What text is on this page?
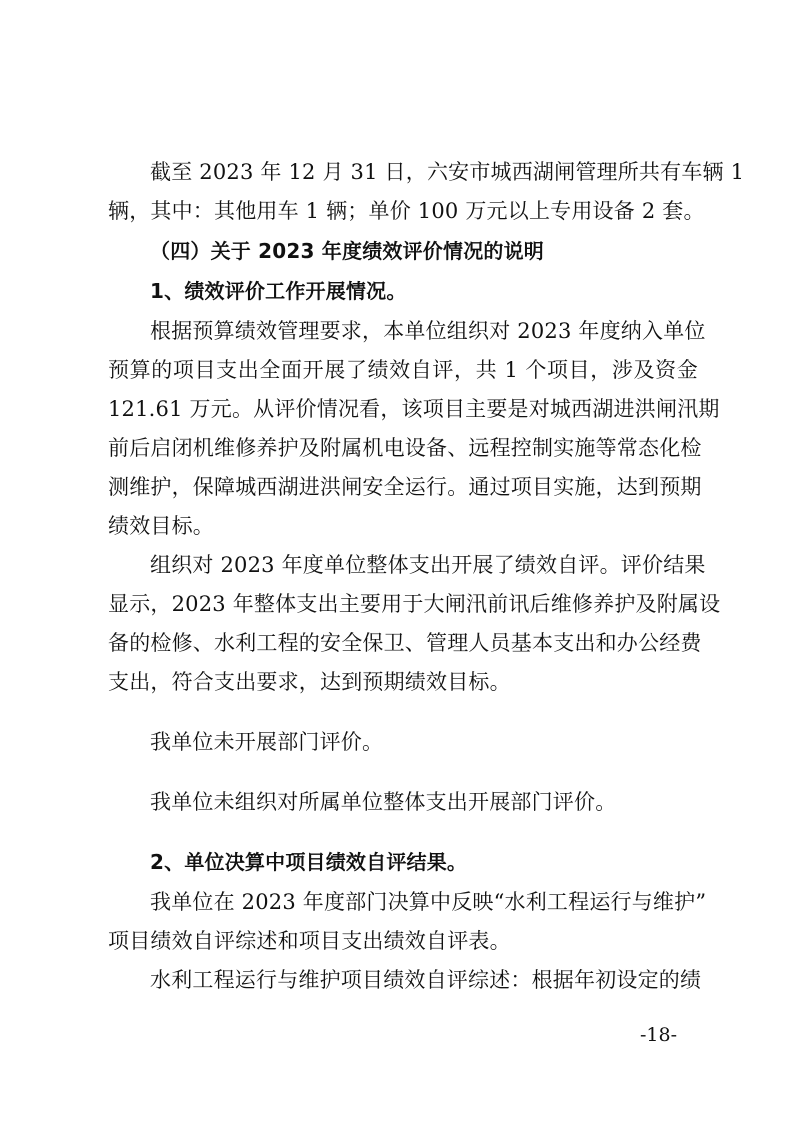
截至 2023 年 12 月 31 日，六安市城西湖闸管理所共有车辆 1
辆，其中：其他用车 1 辆；单价 100 万元以上专用设备 2 套。
（四）关于 2023 年度绩效评价情况的说明
1、绩效评价工作开展情况。
根据预算绩效管理要求，本单位组织对 2023 年度纳入单位
预算的项目支出全面开展了绩效自评，共 1 个项目，涉及资金
121.61 万元。从评价情况看，该项目主要是对城西湖进洪闸汛期
前后启闭机维修养护及附属机电设备、远程控制实施等常态化检
测维护，保障城西湖进洪闸安全运行。通过项目实施，达到预期
绩效目标。
组织对 2023 年度单位整体支出开展了绩效自评。评价结果
显示，2023 年整体支出主要用于大闸汛前讯后维修养护及附属设
备的检修、水利工程的安全保卫、管理人员基本支出和办公经费
支出，符合支出要求，达到预期绩效目标。
我单位未开展部门评价。
我单位未组织对所属单位整体支出开展部门评价。
2、单位决算中项目绩效自评结果。
我单位在 2023 年度部门决算中反映“水利工程运行与维护”
项目绩效自评综述和项目支出绩效自评表。
水利工程运行与维护项目绩效自评综述：根据年初设定的绩
-18-
